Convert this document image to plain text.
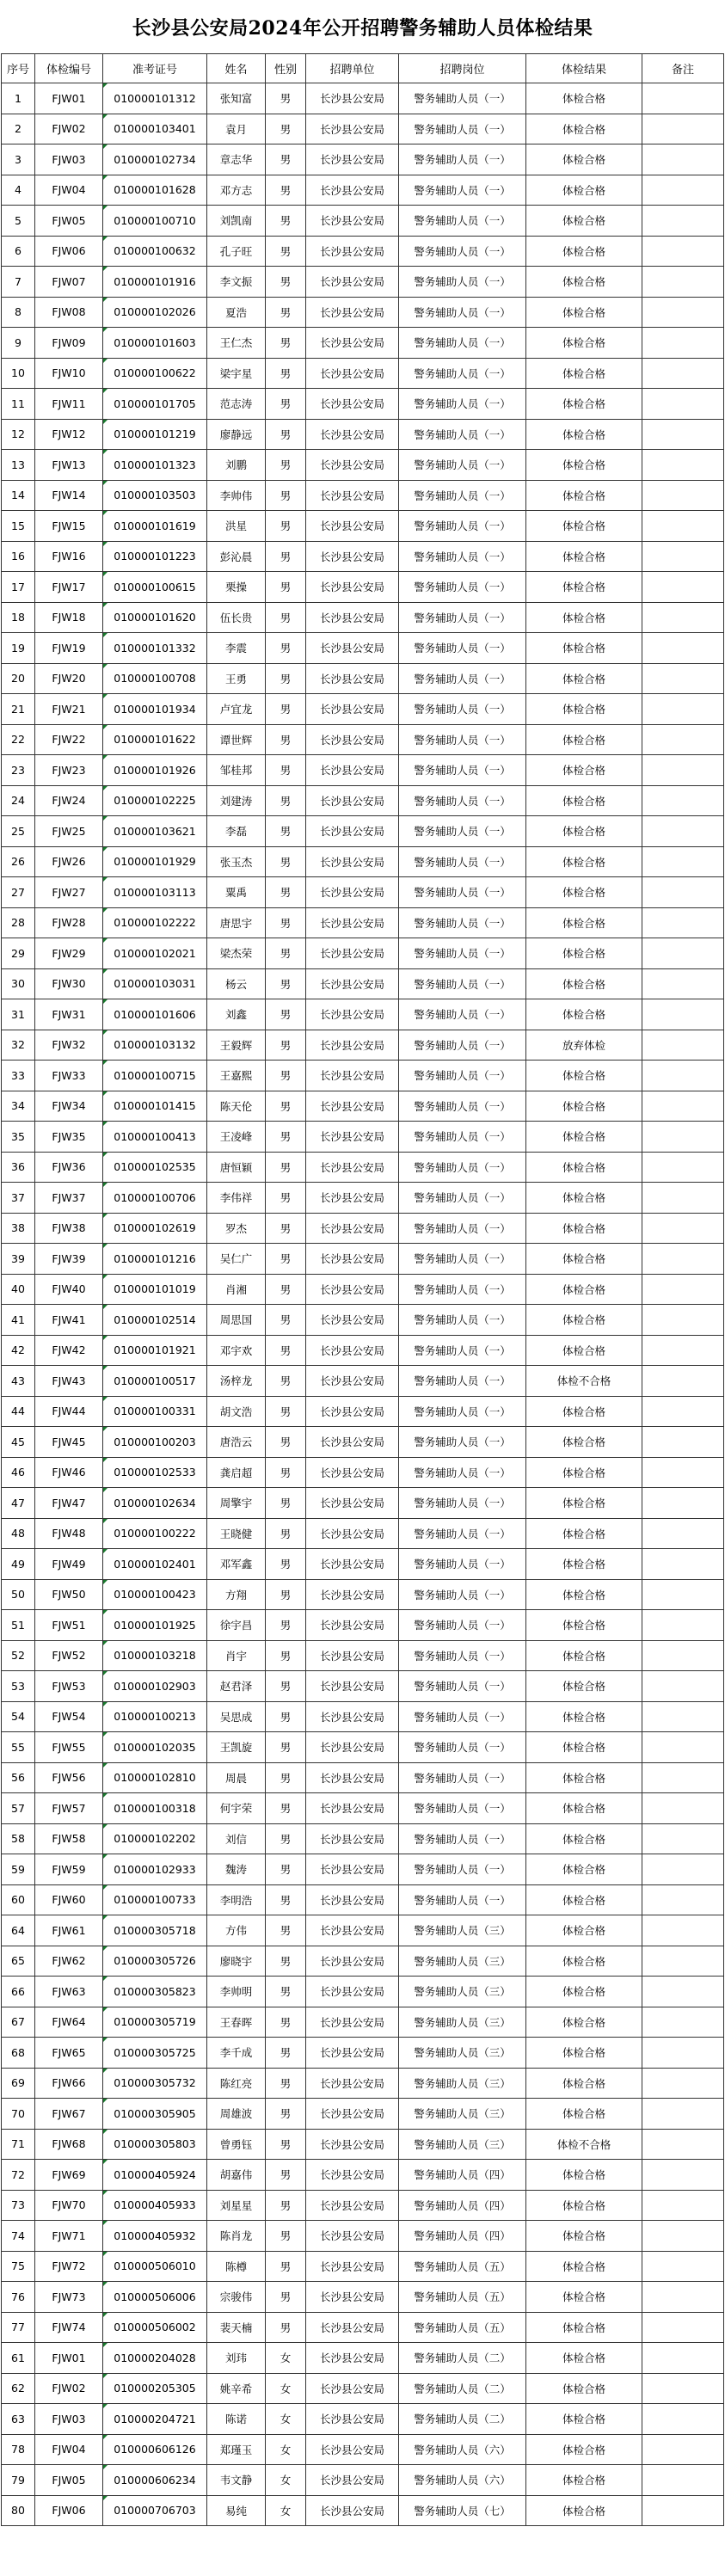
长沙县公安局2024年公开招聘警务辅助人员体检结果
序号	体检编号	准考证号	姓名	性别	招聘单位	招聘岗位	体检结果	备注
1	FJW01	010000101312	张知富	男	长沙县公安局	警务辅助人员（一）	体检合格	
2	FJW02	010000103401	袁月	男	长沙县公安局	警务辅助人员（一）	体检合格	
3	FJW03	010000102734	章志华	男	长沙县公安局	警务辅助人员（一）	体检合格	
4	FJW04	010000101628	邓方志	男	长沙县公安局	警务辅助人员（一）	体检合格	
5	FJW05	010000100710	刘凯南	男	长沙县公安局	警务辅助人员（一）	体检合格	
6	FJW06	010000100632	孔子旺	男	长沙县公安局	警务辅助人员（一）	体检合格	
7	FJW07	010000101916	李文振	男	长沙县公安局	警务辅助人员（一）	体检合格	
8	FJW08	010000102026	夏浩	男	长沙县公安局	警务辅助人员（一）	体检合格	
9	FJW09	010000101603	王仁杰	男	长沙县公安局	警务辅助人员（一）	体检合格	
10	FJW10	010000100622	梁宇星	男	长沙县公安局	警务辅助人员（一）	体检合格	
11	FJW11	010000101705	范志涛	男	长沙县公安局	警务辅助人员（一）	体检合格	
12	FJW12	010000101219	廖静远	男	长沙县公安局	警务辅助人员（一）	体检合格	
13	FJW13	010000101323	刘鹏	男	长沙县公安局	警务辅助人员（一）	体检合格	
14	FJW14	010000103503	李帅伟	男	长沙县公安局	警务辅助人员（一）	体检合格	
15	FJW15	010000101619	洪星	男	长沙县公安局	警务辅助人员（一）	体检合格	
16	FJW16	010000101223	彭沁晨	男	长沙县公安局	警务辅助人员（一）	体检合格	
17	FJW17	010000100615	栗操	男	长沙县公安局	警务辅助人员（一）	体检合格	
18	FJW18	010000101620	伍长贵	男	长沙县公安局	警务辅助人员（一）	体检合格	
19	FJW19	010000101332	李震	男	长沙县公安局	警务辅助人员（一）	体检合格	
20	FJW20	010000100708	王勇	男	长沙县公安局	警务辅助人员（一）	体检合格	
21	FJW21	010000101934	卢宜龙	男	长沙县公安局	警务辅助人员（一）	体检合格	
22	FJW22	010000101622	谭世辉	男	长沙县公安局	警务辅助人员（一）	体检合格	
23	FJW23	010000101926	邹桂邦	男	长沙县公安局	警务辅助人员（一）	体检合格	
24	FJW24	010000102225	刘建涛	男	长沙县公安局	警务辅助人员（一）	体检合格	
25	FJW25	010000103621	李磊	男	长沙县公安局	警务辅助人员（一）	体检合格	
26	FJW26	010000101929	张玉杰	男	长沙县公安局	警务辅助人员（一）	体检合格	
27	FJW27	010000103113	粟禹	男	长沙县公安局	警务辅助人员（一）	体检合格	
28	FJW28	010000102222	唐思宇	男	长沙县公安局	警务辅助人员（一）	体检合格	
29	FJW29	010000102021	梁杰荣	男	长沙县公安局	警务辅助人员（一）	体检合格	
30	FJW30	010000103031	杨云	男	长沙县公安局	警务辅助人员（一）	体检合格	
31	FJW31	010000101606	刘鑫	男	长沙县公安局	警务辅助人员（一）	体检合格	
32	FJW32	010000103132	王毅辉	男	长沙县公安局	警务辅助人员（一）	放弃体检	
33	FJW33	010000100715	王嘉熙	男	长沙县公安局	警务辅助人员（一）	体检合格	
34	FJW34	010000101415	陈天伦	男	长沙县公安局	警务辅助人员（一）	体检合格	
35	FJW35	010000100413	王凌峰	男	长沙县公安局	警务辅助人员（一）	体检合格	
36	FJW36	010000102535	唐恒颖	男	长沙县公安局	警务辅助人员（一）	体检合格	
37	FJW37	010000100706	李伟祥	男	长沙县公安局	警务辅助人员（一）	体检合格	
38	FJW38	010000102619	罗杰	男	长沙县公安局	警务辅助人员（一）	体检合格	
39	FJW39	010000101216	吴仁广	男	长沙县公安局	警务辅助人员（一）	体检合格	
40	FJW40	010000101019	肖湘	男	长沙县公安局	警务辅助人员（一）	体检合格	
41	FJW41	010000102514	周思国	男	长沙县公安局	警务辅助人员（一）	体检合格	
42	FJW42	010000101921	邓宇欢	男	长沙县公安局	警务辅助人员（一）	体检合格	
43	FJW43	010000100517	汤梓龙	男	长沙县公安局	警务辅助人员（一）	体检不合格	
44	FJW44	010000100331	胡文浩	男	长沙县公安局	警务辅助人员（一）	体检合格	
45	FJW45	010000100203	唐浩云	男	长沙县公安局	警务辅助人员（一）	体检合格	
46	FJW46	010000102533	龚启超	男	长沙县公安局	警务辅助人员（一）	体检合格	
47	FJW47	010000102634	周擎宇	男	长沙县公安局	警务辅助人员（一）	体检合格	
48	FJW48	010000100222	王晓健	男	长沙县公安局	警务辅助人员（一）	体检合格	
49	FJW49	010000102401	邓军鑫	男	长沙县公安局	警务辅助人员（一）	体检合格	
50	FJW50	010000100423	方翔	男	长沙县公安局	警务辅助人员（一）	体检合格	
51	FJW51	010000101925	徐宇昌	男	长沙县公安局	警务辅助人员（一）	体检合格	
52	FJW52	010000103218	肖宇	男	长沙县公安局	警务辅助人员（一）	体检合格	
53	FJW53	010000102903	赵君泽	男	长沙县公安局	警务辅助人员（一）	体检合格	
54	FJW54	010000100213	吴思成	男	长沙县公安局	警务辅助人员（一）	体检合格	
55	FJW55	010000102035	王凯旋	男	长沙县公安局	警务辅助人员（一）	体检合格	
56	FJW56	010000102810	周晨	男	长沙县公安局	警务辅助人员（一）	体检合格	
57	FJW57	010000100318	何宇荣	男	长沙县公安局	警务辅助人员（一）	体检合格	
58	FJW58	010000102202	刘信	男	长沙县公安局	警务辅助人员（一）	体检合格	
59	FJW59	010000102933	魏涛	男	长沙县公安局	警务辅助人员（一）	体检合格	
60	FJW60	010000100733	李明浩	男	长沙县公安局	警务辅助人员（一）	体检合格	
64	FJW61	010000305718	方伟	男	长沙县公安局	警务辅助人员（三）	体检合格	
65	FJW62	010000305726	廖晓宇	男	长沙县公安局	警务辅助人员（三）	体检合格	
66	FJW63	010000305823	李帅明	男	长沙县公安局	警务辅助人员（三）	体检合格	
67	FJW64	010000305719	王春晖	男	长沙县公安局	警务辅助人员（三）	体检合格	
68	FJW65	010000305725	李千成	男	长沙县公安局	警务辅助人员（三）	体检合格	
69	FJW66	010000305732	陈红亮	男	长沙县公安局	警务辅助人员（三）	体检合格	
70	FJW67	010000305905	周雄波	男	长沙县公安局	警务辅助人员（三）	体检合格	
71	FJW68	010000305803	曾勇钰	男	长沙县公安局	警务辅助人员（三）	体检不合格	
72	FJW69	010000405924	胡嘉伟	男	长沙县公安局	警务辅助人员（四）	体检合格	
73	FJW70	010000405933	刘星星	男	长沙县公安局	警务辅助人员（四）	体检合格	
74	FJW71	010000405932	陈肖龙	男	长沙县公安局	警务辅助人员（四）	体检合格	
75	FJW72	010000506010	陈樽	男	长沙县公安局	警务辅助人员（五）	体检合格	
76	FJW73	010000506006	宗骏伟	男	长沙县公安局	警务辅助人员（五）	体检合格	
77	FJW74	010000506002	裴天楠	男	长沙县公安局	警务辅助人员（五）	体检合格	
61	FJW01	010000204028	刘玮	女	长沙县公安局	警务辅助人员（二）	体检合格	
62	FJW02	010000205305	姚辛希	女	长沙县公安局	警务辅助人员（二）	体检合格	
63	FJW03	010000204721	陈诺	女	长沙县公安局	警务辅助人员（二）	体检合格	
78	FJW04	010000606126	郑瑾玉	女	长沙县公安局	警务辅助人员（六）	体检合格	
79	FJW05	010000606234	韦文静	女	长沙县公安局	警务辅助人员（六）	体检合格	
80	FJW06	010000706703	易纯	女	长沙县公安局	警务辅助人员（七）	体检合格	
